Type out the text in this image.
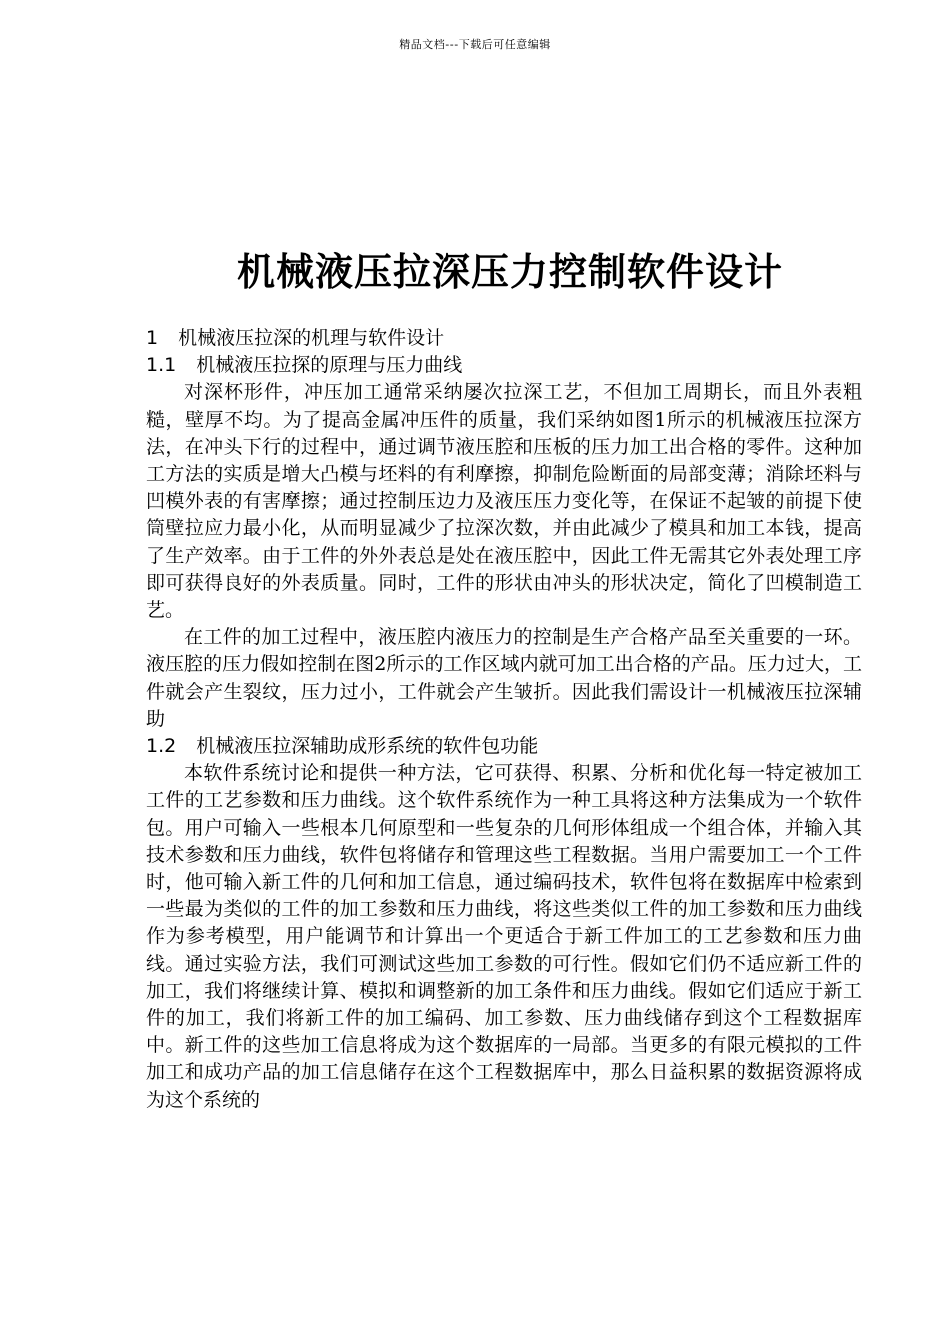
精品文档---下载后可任意编辑
机械液压拉深压力控制软件设计
1 机械液压拉深的机理与软件设计
1.1 机械液压拉探的原理与压力曲线

对深杯形件，冲压加工通常采纳屡次拉深工艺，不但加工周期长，而且外表粗糙，壁厚不均。为了提高金属冲压件的质量，我们采纳如图1所示的机械液压拉深方法，在冲头下行的过程中，通过调节液压腔和压板的压力加工出合格的零件。这种加工方法的实质是增大凸模与坯料的有利摩擦，抑制危险断面的局部变薄；消除坯料与凹模外表的有害摩擦；通过控制压边力及液压压力变化等，在保证不起皱的前提下使筒壁拉应力最小化，从而明显减少了拉深次数，并由此减少了模具和加工本钱，提高了生产效率。由于工件的外外表总是处在液压腔中，因此工件无需其它外表处理工序即可获得良好的外表质量。同时，工件的形状由冲头的形状决定，简化了凹模制造工艺。

在工件的加工过程中，液压腔内液压力的控制是生产合格产品至关重要的一环。液压腔的压力假如控制在图2所示的工作区域内就可加工出合格的产品。压力过大，工件就会产生裂纹，压力过小，工件就会产生皱折。因此我们需设计一机械液压拉深辅助

1.2 机械液压拉深辅助成形系统的软件包功能

本软件系统讨论和提供一种方法，它可获得、积累、分析和优化每一特定被加工工件的工艺参数和压力曲线。这个软件系统作为一种工具将这种方法集成为一个软件包。用户可输入一些根本几何原型和一些复杂的几何形体组成一个组合体，并输入其技术参数和压力曲线，软件包将储存和管理这些工程数据。当用户需要加工一个工件时，他可输入新工件的几何和加工信息，通过编码技术，软件包将在数据库中检索到一些最为类似的工件的加工参数和压力曲线，将这些类似工件的加工参数和压力曲线作为参考模型，用户能调节和计算出一个更适合于新工件加工的工艺参数和压力曲线。通过实验方法，我们可测试这些加工参数的可行性。假如它们仍不适应新工件的加工，我们将继续计算、模拟和调整新的加工条件和压力曲线。假如它们适应于新工件的加工，我们将新工件的加工编码、加工参数、压力曲线储存到这个工程数据库中。新工件的这些加工信息将成为这个数据库的一局部。当更多的有限元模拟的工件加工和成功产品的加工信息储存在这个工程数据库中，那么日益积累的数据资源将成为这个系统的
